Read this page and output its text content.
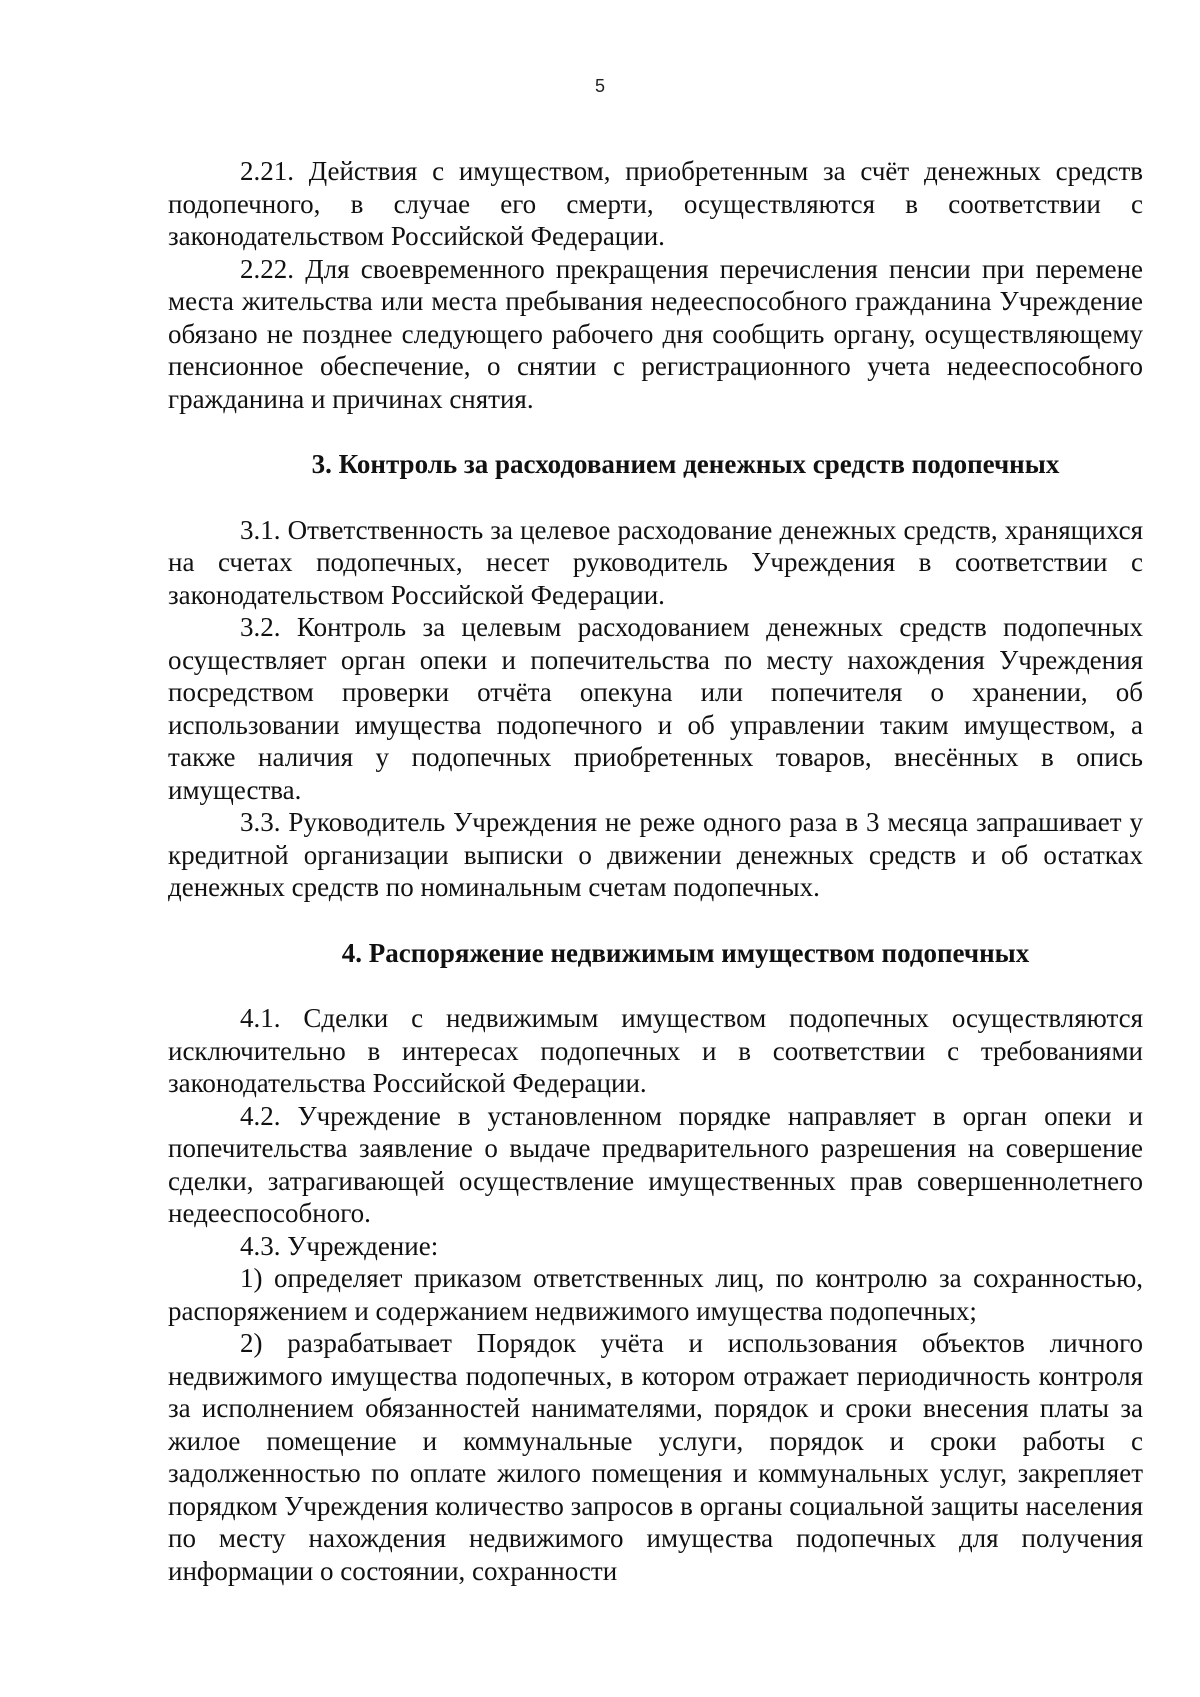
5

2.21. Действия с имуществом, приобретенным за счёт денежных средств подопечного, в случае его смерти, осуществляются в соответствии с законодательством Российской Федерации.

2.22. Для своевременного прекращения перечисления пенсии при перемене места жительства или места пребывания недееспособного гражданина Учреждение обязано не позднее следующего рабочего дня сообщить органу, осуществляющему пенсионное обеспечение, о снятии с регистрационного учета недееспособного гражданина и причинах снятия.

3. Контроль за расходованием денежных средств подопечных

3.1. Ответственность за целевое расходование денежных средств, хранящихся на счетах подопечных, несет руководитель Учреждения в соответствии с законодательством Российской Федерации.

3.2. Контроль за целевым расходованием денежных средств подопечных осуществляет орган опеки и попечительства по месту нахождения Учреждения посредством проверки отчёта опекуна или попечителя о хранении, об использовании имущества подопечного и об управлении таким имуществом, а также наличия у подопечных приобретенных товаров, внесённых в опись имущества.

3.3. Руководитель Учреждения не реже одного раза в 3 месяца запрашивает у кредитной организации выписки о движении денежных средств и об остатках денежных средств по номинальным счетам подопечных.

4. Распоряжение недвижимым имуществом подопечных

4.1. Сделки с недвижимым имуществом подопечных осуществляются исключительно в интересах подопечных и в соответствии с требованиями законодательства Российской Федерации.

4.2. Учреждение в установленном порядке направляет в орган опеки и попечительства заявление о выдаче предварительного разрешения на совершение сделки, затрагивающей осуществление имущественных прав совершеннолетнего недееспособного.

4.3. Учреждение:

1) определяет приказом ответственных лиц, по контролю за сохранностью, распоряжением и содержанием недвижимого имущества подопечных;

2) разрабатывает Порядок учёта и использования объектов личного недвижимого имущества подопечных, в котором отражает периодичность контроля за исполнением обязанностей нанимателями, порядок и сроки внесения платы за жилое помещение и коммунальные услуги, порядок и сроки работы с задолженностью по оплате жилого помещения и коммунальных услуг, закрепляет порядком Учреждения количество запросов в органы социальной защиты населения по месту нахождения недвижимого имущества подопечных для получения информации о состоянии, сохранности
